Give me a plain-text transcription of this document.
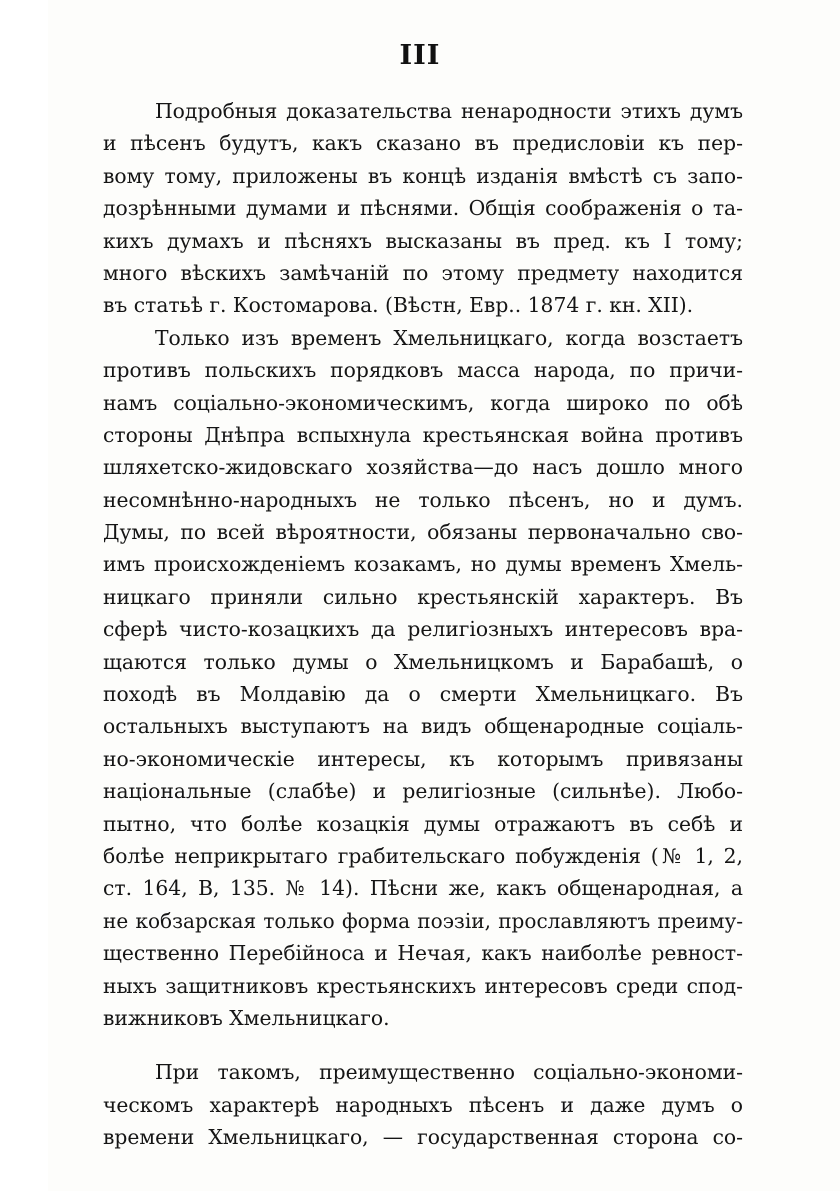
III
Подробныя доказательства ненародности этихъ думъ
и пѣсенъ будутъ, какъ сказано въ предисловіи къ пер-
вому тому, приложены въ концѣ изданія вмѣстѣ съ запо-
дозрѣнными думами и пѣснями. Общія соображенія о та-
кихъ думахъ и пѣсняхъ высказаны въ пред. къ I тому;
много вѣскихъ замѣчаній по этому предмету находится
въ статьѣ г. Костомарова. (Вѣстн, Евр.. 1874 г. кн. XII).
Только изъ временъ Хмельницкаго, когда возстаетъ
противъ польскихъ порядковъ масса народа, по причи-
намъ соціально-экономическимъ, когда широко по обѣ
стороны Днѣпра вспыхнула крестьянская война противъ
шляхетско-жидовскаго хозяйства—до насъ дошло много
несомнѣнно-народныхъ не только пѣсенъ, но и думъ.
Думы, по всей вѣроятности, обязаны первоначально сво-
имъ происхожденіемъ козакамъ, но думы временъ Хмель-
ницкаго приняли сильно крестьянскій характеръ. Въ
сферѣ чисто-козацкихъ да религіозныхъ интересовъ вра-
щаются только думы о Хмельницкомъ и Барабашѣ, о
походѣ въ Молдавію да о смерти Хмельницкаго. Въ
остальныхъ выступаютъ на видъ общенародные соціаль-
но-экономическіе интересы, къ которымъ привязаны
національные (слабѣе) и религіозные (сильнѣе). Любо-
пытно, что болѣе козацкія думы отражаютъ въ себѣ и
болѣе неприкрытаго грабительскаго побужденія (№ 1, 2,
ст. 164, В, 135. № 14). Пѣсни же, какъ общенародная, а
не кобзарская только форма поэзіи, прославляютъ преиму-
щественно Перебійноса и Нечая, какъ наиболѣе ревност-
ныхъ защитниковъ крестьянскихъ интересовъ среди спод-
вижниковъ Хмельницкаго.
При такомъ, преимущественно соціально-экономи-
ческомъ характерѣ народныхъ пѣсенъ и даже думъ о
времени Хмельницкаго, — государственная сторона со-
